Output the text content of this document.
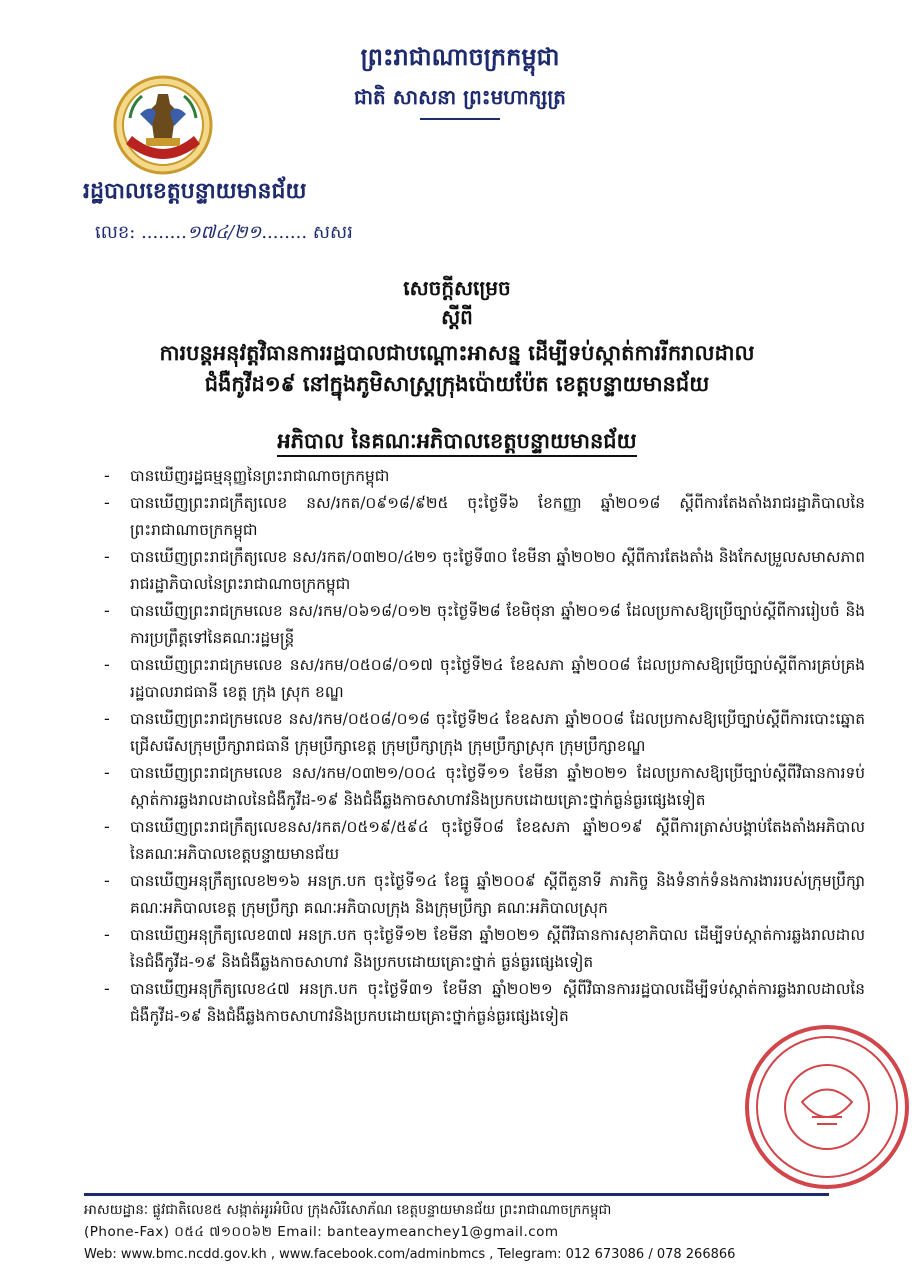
ព្រះរាជាណាចក្រកម្ពុជា
ជាតិ សាសនា ព្រះមហាក្សត្រ
រដ្ឋបាលខេត្តបន្ទាយមានជ័យ
លេខ: ........១៧៤/២១........ សសរ
សេចក្តីសម្រេច
ស្តីពី
ការបន្តអនុវត្តវិធានការរដ្ឋបាលជាបណ្តោះអាសន្ន ដើម្បីទប់ស្កាត់ការរីករាលដាល
ជំងឺកូវីដ១៩ នៅក្នុងភូមិសាស្ត្រក្រុងប៉ោយប៉ែត ខេត្តបន្ទាយមានជ័យ
អភិបាល នៃគណៈអភិបាលខេត្តបន្ទាយមានជ័យ
- បានឃើញរដ្ឋធម្មនុញ្ញនៃព្រះរាជាណាចក្រកម្ពុជា
- បានឃើញព្រះរាជក្រឹត្យលេខ នស/រកត/០៩១៨/៩២៥ ចុះថ្ងៃទី៦ ខែកញ្ញា ឆ្នាំ២០១៨ ស្តីពីការតែងតាំងរាជរដ្ឋាភិបាលនៃព្រះរាជាណាចក្រកម្ពុជា
- បានឃើញព្រះរាជក្រឹត្យលេខ នស/រកត/០៣២០/៤២១ ចុះថ្ងៃទី៣០ ខែមីនា ឆ្នាំ២០២០ ស្តីពីការតែងតាំង និងកែសម្រួលសមាសភាពរាជរដ្ឋាភិបាលនៃព្រះរាជាណាចក្រកម្ពុជា
- បានឃើញព្រះរាជក្រមលេខ នស/រកម/០៦១៨/០១២ ចុះថ្ងៃទី២៨ ខែមិថុនា ឆ្នាំ២០១៨ ដែលប្រកាសឱ្យប្រើច្បាប់ស្តីពីការរៀបចំ និងការប្រព្រឹត្តទៅនៃគណៈរដ្ឋមន្ត្រី
- បានឃើញព្រះរាជក្រមលេខ នស/រកម/០៥០៨/០១៧ ចុះថ្ងៃទី២៤ ខែឧសភា ឆ្នាំ២០០៨ ដែលប្រកាសឱ្យប្រើច្បាប់ស្តីពីការគ្រប់គ្រងរដ្ឋបាលរាជធានី ខេត្ត ក្រុង ស្រុក ខណ្ឌ
- បានឃើញព្រះរាជក្រមលេខ នស/រកម/០៥០៨/០១៨ ចុះថ្ងៃទី២៤ ខែឧសភា ឆ្នាំ២០០៨ ដែលប្រកាសឱ្យប្រើច្បាប់ស្តីពីការបោះឆ្នោតជ្រើសរើសក្រុមប្រឹក្សារាជធានី ក្រុមប្រឹក្សាខេត្ត ក្រុមប្រឹក្សាក្រុង ក្រុមប្រឹក្សាស្រុក ក្រុមប្រឹក្សាខណ្ឌ
- បានឃើញព្រះរាជក្រមលេខ នស/រកម/០៣២១/០០៤ ចុះថ្ងៃទី១១ ខែមីនា ឆ្នាំ២០២១ ដែលប្រកាសឱ្យប្រើច្បាប់ស្តីពីវិធានការទប់ស្កាត់ការឆ្លងរាលដាលនៃជំងឺកូវីដ-១៩ និងជំងឺឆ្លងកាចសាហាវនិងប្រកបដោយគ្រោះថ្នាក់ធ្ងន់ធ្ងរផ្សេងទៀត
- បានឃើញព្រះរាជក្រឹត្យលេខនស/រកត/០៥១៩/៥៩៤ ចុះថ្ងៃទី០៨ ខែឧសភា ឆ្នាំ២០១៩ ស្តីពីការត្រាស់បង្គាប់តែងតាំងអភិបាល នៃគណៈអភិបាលខេត្តបន្ទាយមានជ័យ
- បានឃើញអនុក្រឹត្យលេខ២១៦ អនក្រ.បក ចុះថ្ងៃទី១៤ ខែធ្នូ ឆ្នាំ២០០៩ ស្តីពីតួនាទី ភារកិច្ច និងទំនាក់ទំនងការងាររបស់ក្រុមប្រឹក្សា គណៈអភិបាលខេត្ត ក្រុមប្រឹក្សា គណៈអភិបាលក្រុង និងក្រុមប្រឹក្សា គណៈអភិបាលស្រុក
- បានឃើញអនុក្រឹត្យលេខ៣៧ អនក្រ.បក ចុះថ្ងៃទី១២ ខែមីនា ឆ្នាំ២០២១ ស្តីពីវិធានការសុខាភិបាល ដើម្បីទប់ស្កាត់ការឆ្លងរាលដាលនៃជំងឺកូវីដ-១៩ និងជំងឺឆ្លងកាចសាហាវ និងប្រកបដោយគ្រោះថ្នាក់ ធ្ងន់ធ្ងរផ្សេងទៀត
- បានឃើញអនុក្រឹត្យលេខ៤៧ អនក្រ.បក ចុះថ្ងៃទី៣១ ខែមីនា ឆ្នាំ២០២១ ស្តីពីវិធានការរដ្ឋបាលដើម្បីទប់ស្កាត់ការឆ្លងរាលដាលនៃជំងឺកូវីដ-១៩ និងជំងឺឆ្លងកាចសាហាវនិងប្រកបដោយគ្រោះថ្នាក់ធ្ងន់ធ្ងរផ្សេងទៀត
អាសយដ្ឋានៈ ផ្លូវជាតិលេខ៥ សង្កាត់អូរអំបិល ក្រុងសិរីសោភ័ណ ខេត្តបន្ទាយមានជ័យ ព្រះរាជាណាចក្រកម្ពុជា
(Phone-Fax) ០៥៤ ៧១០០៦២ Email: banteaymeanchey1@gmail.com
Web: www.bmc.ncdd.gov.kh , www.facebook.com/adminbmcs , Telegram: 012 673086 / 078 266866
